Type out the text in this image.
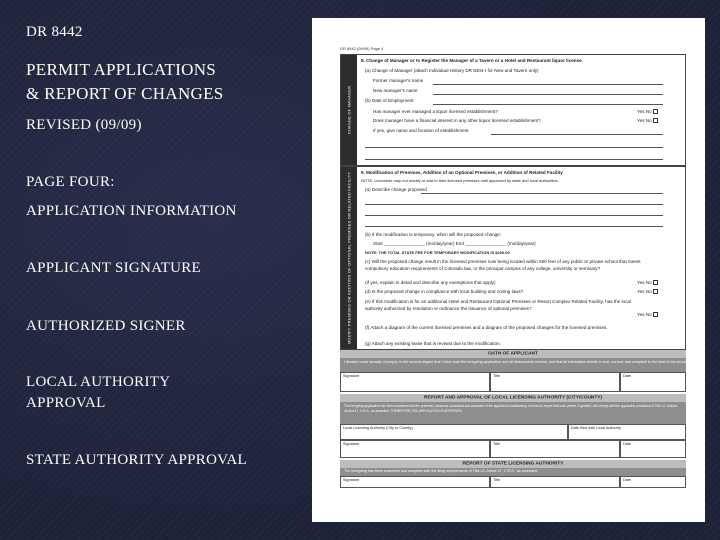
DR 8442
PERMIT APPLICATIONS
& REPORT OF CHANGES
REVISED (09/09)
PAGE FOUR:
APPLICATION INFORMATION
APPLICANT SIGNATURE
AUTHORIZED SIGNER
LOCAL AUTHORITY
APPROVAL
STATE AUTHORITY APPROVAL
DR 8442 (09/09) Page 4
CHANGE OF MANAGER
8. Change of Manager or to Register the Manager of a Tavern or a Hotel and Restaurant liquor license.
(a) Change of Manager (attach Individual History DR 8404-I for New and Tavern only)
Former manager's name
New manager's name
(b) Date of Employment
Has manager ever managed a liquor licensed establishment?	Yes No
Does manager have a financial interest in any other liquor licensed establishment?	Yes No
If yes, give name and location of establishment
MODIFY PREMISES OR ADDITION OF OPTIONAL PREMISES OR RELATED FACILITY 9. Modification of Premises, Addition of an Optional Premises, or Addition of Related Facility
NOTE: Licensees may not modify or add to their licensed premises until approved by state and local authorities.
(a) Describe change proposed
(b) If the modification is temporary, when will the proposed change:
Start ________________ (mo/day/year) End ________________ (mo/day/year)
NOTE: THE TOTAL STATE FEE FOR TEMPORARY MODIFICATION IS $200.00
(c) Will the proposed change result in the licensed premises now being located within 500 feet of any public or private school that meets compulsory education requirements of Colorado law, or the principal campus of any college, university or seminary?
(If yes, explain in detail and describe any exemptions that apply)	Yes No
(d) Is the proposed change in compliance with local building and zoning laws?	Yes No
(e) If this modification is for an additional Hotel and Restaurant Optional Premises or Resort Complex Related Facility, has the local authority authorized by resolution or ordinance the issuance of optional premises?
Yes No
(f) Attach a diagram of the current licensed premises and a diagram of the proposed changes for the licensed premises.
(g) Attach any existing lease that is revised due to the modification.
OATH OF APPLICANT
I declare under penalty of perjury in the second degree that I have read the foregoing application and all attachments thereto, and that all information therein is true, correct, and complete to the best of my knowledge.
Signature	Title	Date
REPORT AND APPROVAL OF LOCAL LICENSING AUTHORITY (CITY/COUNTY)
The foregoing application has been examined and the premises, business conducted and character of the applicant is satisfactory, and we do report that such permit, if granted, will comply with the applicable provisions of Title 12, Articles 46 and 47, C.R.S., as amended. THEREFORE THIS APPLICATION IS APPROVED.
Local Licensing Authority (City or County)	Date filed with Local Authority
Signature	Title	Date
REPORT OF STATE LICENSING AUTHORITY
The foregoing has been examined and complies with the filing requirements of Title 12, Article 47, C.R.S., as amended.
Signature	Title	Date
